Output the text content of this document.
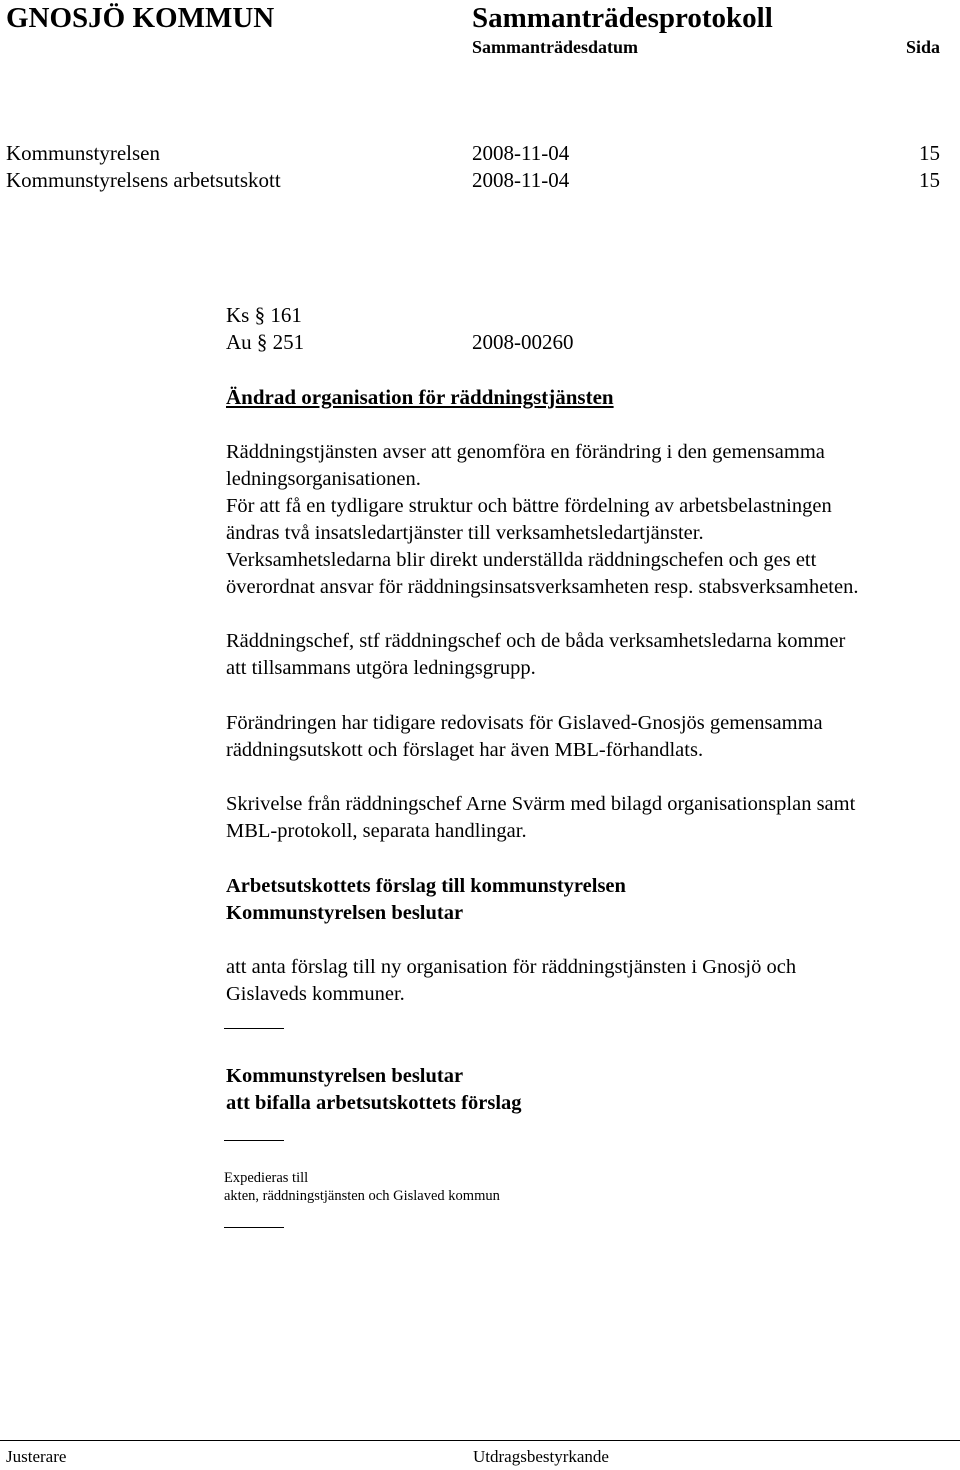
GNOSJÖ KOMMUN	Sammanträdesprotokoll
Sammanträdesdatum	Sida
Kommunstyrelsen	2008-11-04	15
Kommunstyrelsens arbetsutskott	2008-11-04	15
Ks § 161
Au § 251	2008-00260
Ändrad organisation för räddningstjänsten
Räddningstjänsten avser att genomföra en förändring i den gemensamma
ledningsorganisationen.
För att få en tydligare struktur och bättre fördelning av arbetsbelastningen
ändras två insatsledartjänster till verksamhetsledartjänster.
Verksamhetsledarna blir direkt underställda räddningschefen och ges ett
överordnat ansvar för räddningsinsatsverksamheten resp. stabsverksamheten.
Räddningschef, stf räddningschef och de båda verksamhetsledarna kommer
att tillsammans utgöra ledningsgrupp.
Förändringen har tidigare redovisats för Gislaved-Gnosjös gemensamma
räddningsutskott och förslaget har även MBL-förhandlats.
Skrivelse från räddningschef Arne Svärm med bilagd organisationsplan samt
MBL-protokoll, separata handlingar.
Arbetsutskottets förslag till kommunstyrelsen
Kommunstyrelsen beslutar
att anta förslag till ny organisation för räddningstjänsten i Gnosjö och
Gislaveds kommuner.
Kommunstyrelsen beslutar
att bifalla arbetsutskottets förslag
Expedieras till
akten, räddningstjänsten och Gislaved kommun
Justerare	Utdragsbestyrkande
